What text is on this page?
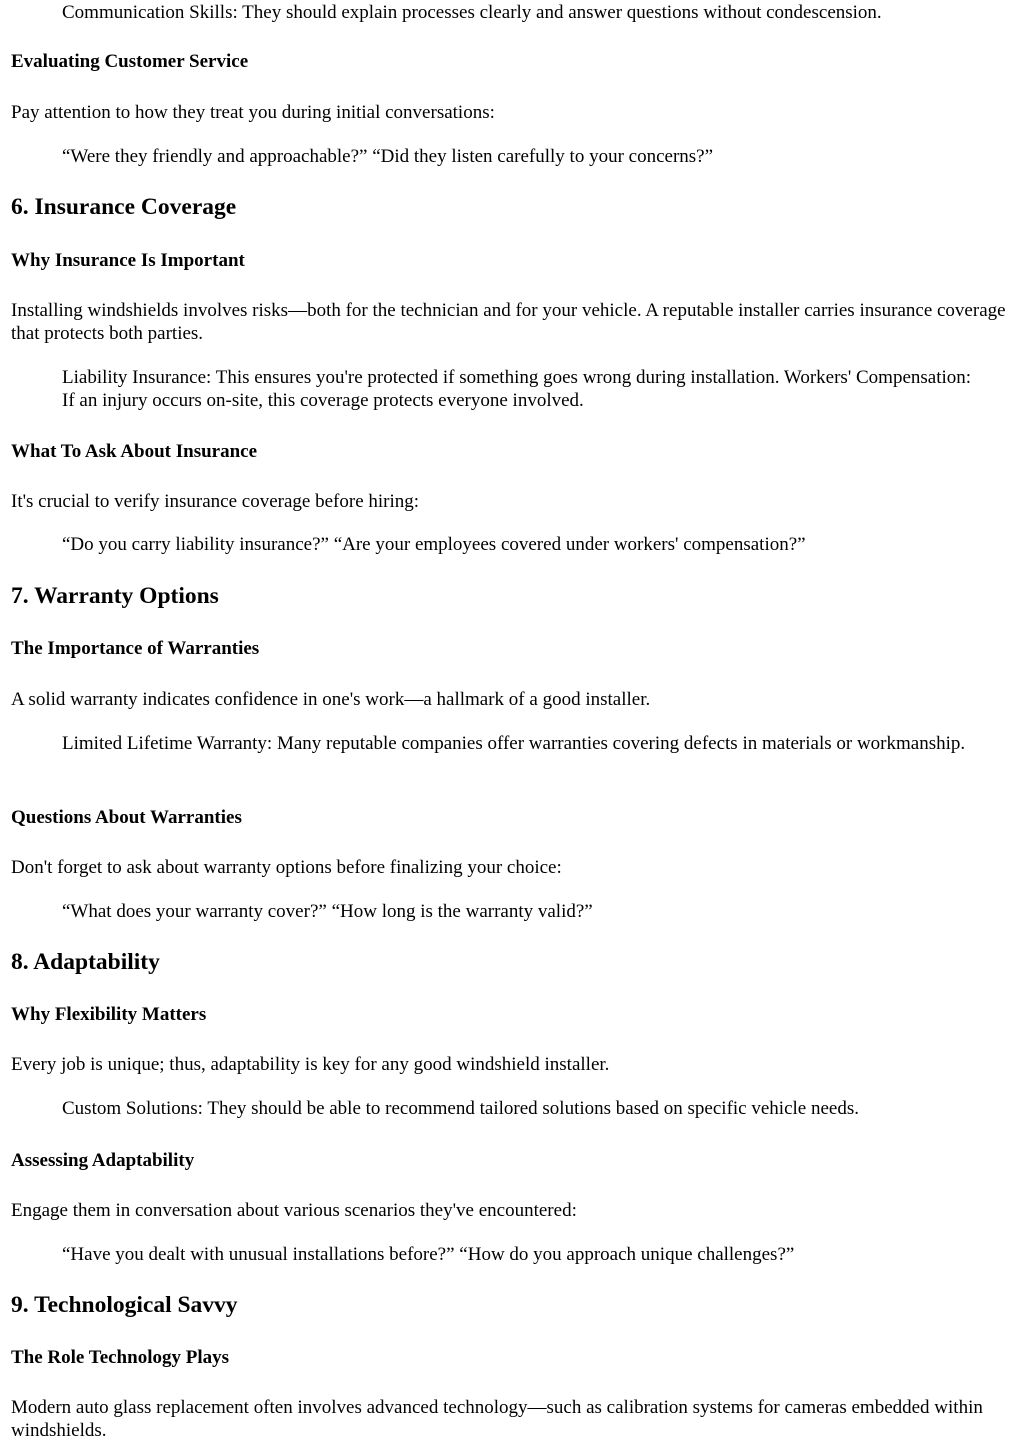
Communication Skills: They should explain processes clearly and answer questions without condescension.

Evaluating Customer Service

Pay attention to how they treat you during initial conversations:

“Were they friendly and approachable?” “Did they listen carefully to your concerns?”

6. Insurance Coverage
Why Insurance Is Important

Installing windshields involves risks—both for the technician and for your vehicle. A reputable installer carries insurance coverage that protects both parties.

Liability Insurance: This ensures you're protected if something goes wrong during installation. Workers' Compensation: If an injury occurs on-site, this coverage protects everyone involved.

What To Ask About Insurance

It's crucial to verify insurance coverage before hiring:

“Do you carry liability insurance?” “Are your employees covered under workers' compensation?”

7. Warranty Options
The Importance of Warranties

A solid warranty indicates confidence in one's work—a hallmark of a good installer.

Limited Lifetime Warranty: Many reputable companies offer warranties covering defects in materials or workmanship.

Questions About Warranties

Don't forget to ask about warranty options before finalizing your choice:

“What does your warranty cover?” “How long is the warranty valid?”

8. Adaptability
Why Flexibility Matters

Every job is unique; thus, adaptability is key for any good windshield installer.

Custom Solutions: They should be able to recommend tailored solutions based on specific vehicle needs.

Assessing Adaptability

Engage them in conversation about various scenarios they've encountered:

“Have you dealt with unusual installations before?” “How do you approach unique challenges?”

9. Technological Savvy
The Role Technology Plays

Modern auto glass replacement often involves advanced technology—such as calibration systems for cameras embedded within windshields.
